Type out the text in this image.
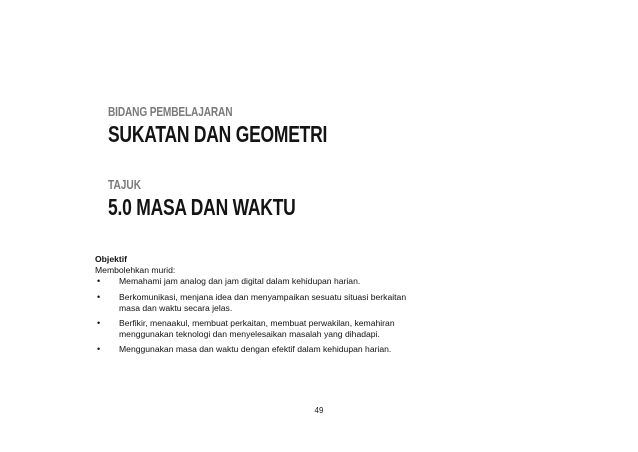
BIDANG PEMBELAJARAN
SUKATAN DAN GEOMETRI
TAJUK
5.0 MASA DAN WAKTU

Objektif

Membolehkan murid:

• Memahami jam analog dan jam digital dalam kehidupan harian.
• Berkomunikasi, menjana idea dan menyampaikan sesuatu situasi berkaitan
masa dan waktu secara jelas.
• Berfikir, menaakul, membuat perkaitan, membuat perwakilan, kemahiran
menggunakan teknologi dan menyelesaikan masalah yang dihadapi.
• Menggunakan masa dan waktu dengan efektif dalam kehidupan harian.
49
